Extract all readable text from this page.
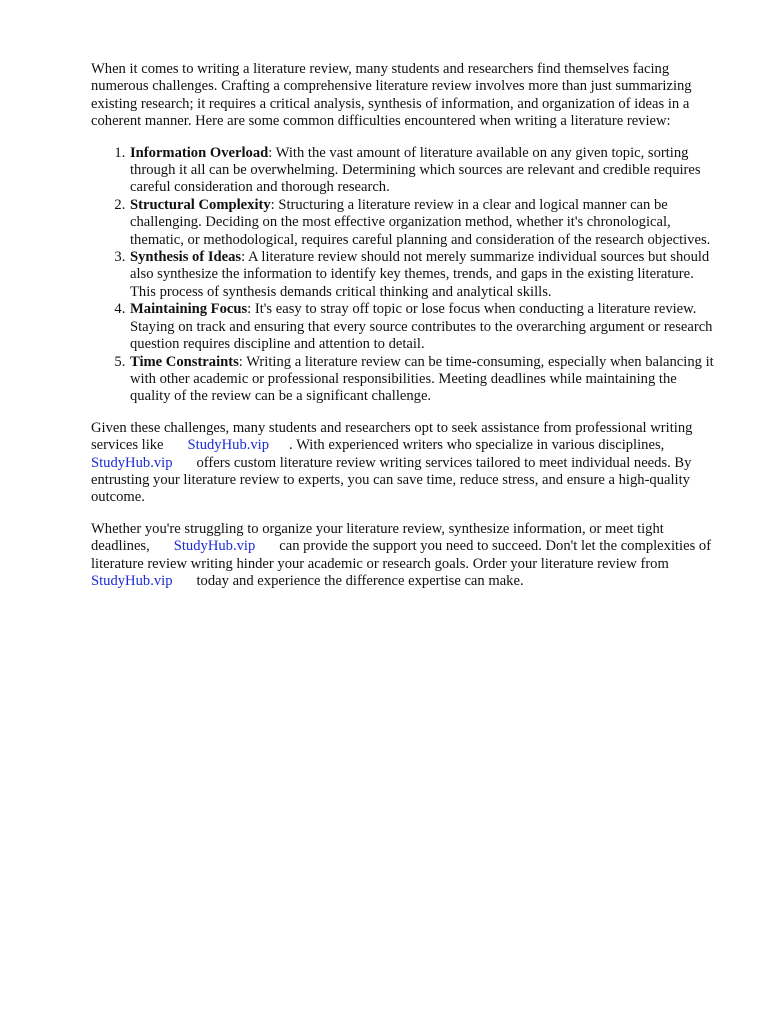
When it comes to writing a literature review, many students and researchers find themselves facing numerous challenges. Crafting a comprehensive literature review involves more than just summarizing existing research; it requires a critical analysis, synthesis of information, and organization of ideas in a coherent manner. Here are some common difficulties encountered when writing a literature review:

1. Information Overload: With the vast amount of literature available on any given topic, sorting through it all can be overwhelming. Determining which sources are relevant and credible requires careful consideration and thorough research.
2. Structural Complexity: Structuring a literature review in a clear and logical manner can be challenging. Deciding on the most effective organization method, whether it's chronological, thematic, or methodological, requires careful planning and consideration of the research objectives.
3. Synthesis of Ideas: A literature review should not merely summarize individual sources but should also synthesize the information to identify key themes, trends, and gaps in the existing literature. This process of synthesis demands critical thinking and analytical skills.
4. Maintaining Focus: It's easy to stray off topic or lose focus when conducting a literature review. Staying on track and ensuring that every source contributes to the overarching argument or research question requires discipline and attention to detail.
5. Time Constraints: Writing a literature review can be time-consuming, especially when balancing it with other academic or professional responsibilities. Meeting deadlines while maintaining the quality of the review can be a significant challenge.

Given these challenges, many students and researchers opt to seek assistance from professional writing services like StudyHub.vip . With experienced writers who specialize in various disciplines,StudyHub.vip offers custom literature review writing services tailored to meet individual needs. By entrusting your literature review to experts, you can save time, reduce stress, and ensure a high-quality outcome.

Whether you're struggling to organize your literature review, synthesize information, or meet tight deadlines, StudyHub.vip can provide the support you need to succeed. Don't let the complexities of literature review writing hinder your academic or research goals. Order your literature review fromStudyHub.vip today and experience the difference expertise can make.
